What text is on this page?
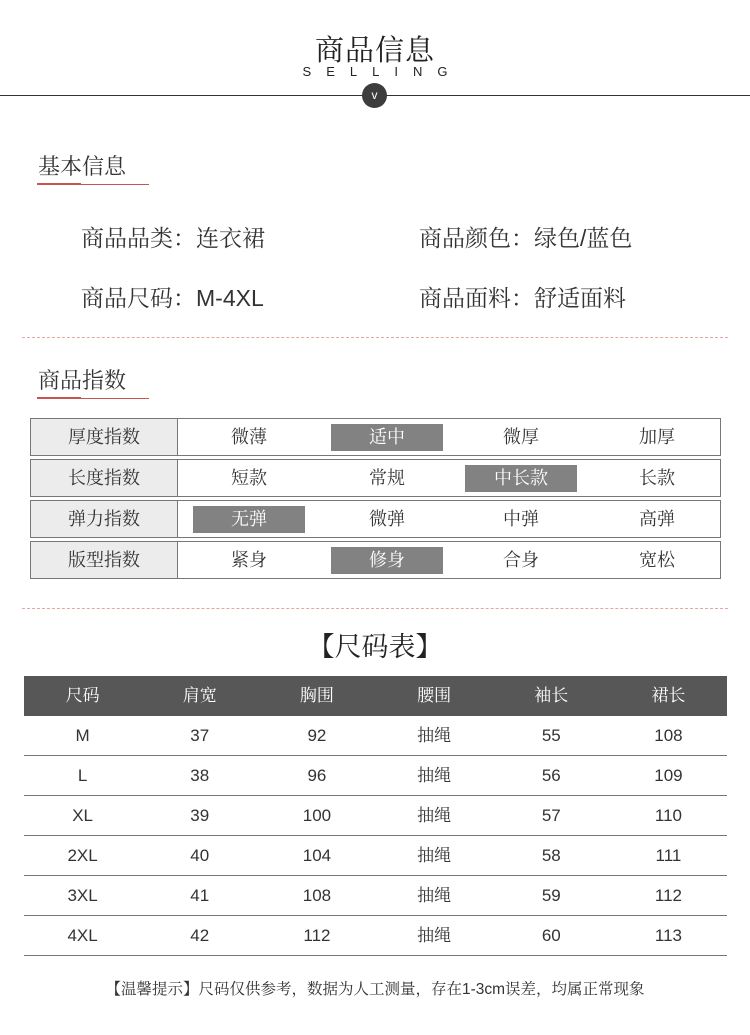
商品信息
SELLING
v
基本信息
商品品类：连衣裙	商品颜色：绿色/蓝色
商品尺码：M-4XL	商品面料：舒适面料
商品指数
厚度指数	微薄	适中	微厚	加厚
长度指数	短款	常规	中长款	长款
弹力指数	无弹	微弹	中弹	高弹
版型指数	紧身	修身	合身	宽松
【尺码表】
尺码	肩宽	胸围	腰围	袖长	裙长
M	37	92	抽绳	55	108
L	38	96	抽绳	56	109
XL	39	100	抽绳	57	110
2XL	40	104	抽绳	58	111
3XL	41	108	抽绳	59	112
4XL	42	112	抽绳	60	113
【温馨提示】尺码仅供参考，数据为人工测量，存在1-3cm误差，均属正常现象
